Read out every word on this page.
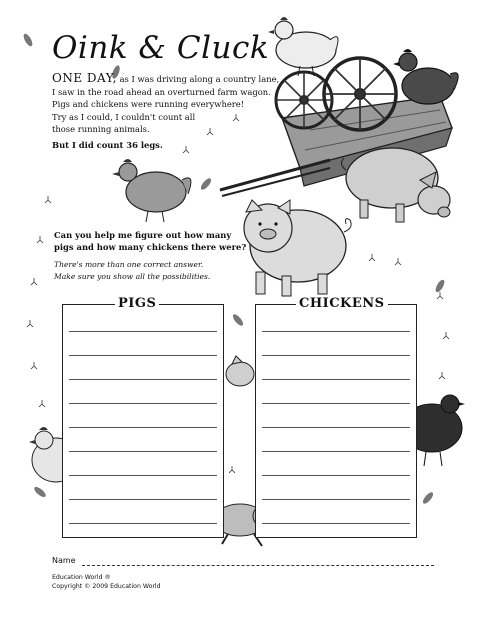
Oink & Cluck
ONE DAY, as I was driving along a country lane,
I saw in the road ahead an overturned farm wagon.
Pigs and chickens were running everywhere!
Try as I could, I couldn't count all
those running animals.
But I did count 36 legs.
Can you help me figure out how many
pigs and how many chickens there were?
There's more than one correct answer.
Make sure you show all the possibilities.
PIGS	CHICKENS
Name
Education World ®
Copyright © 2009 Education World
